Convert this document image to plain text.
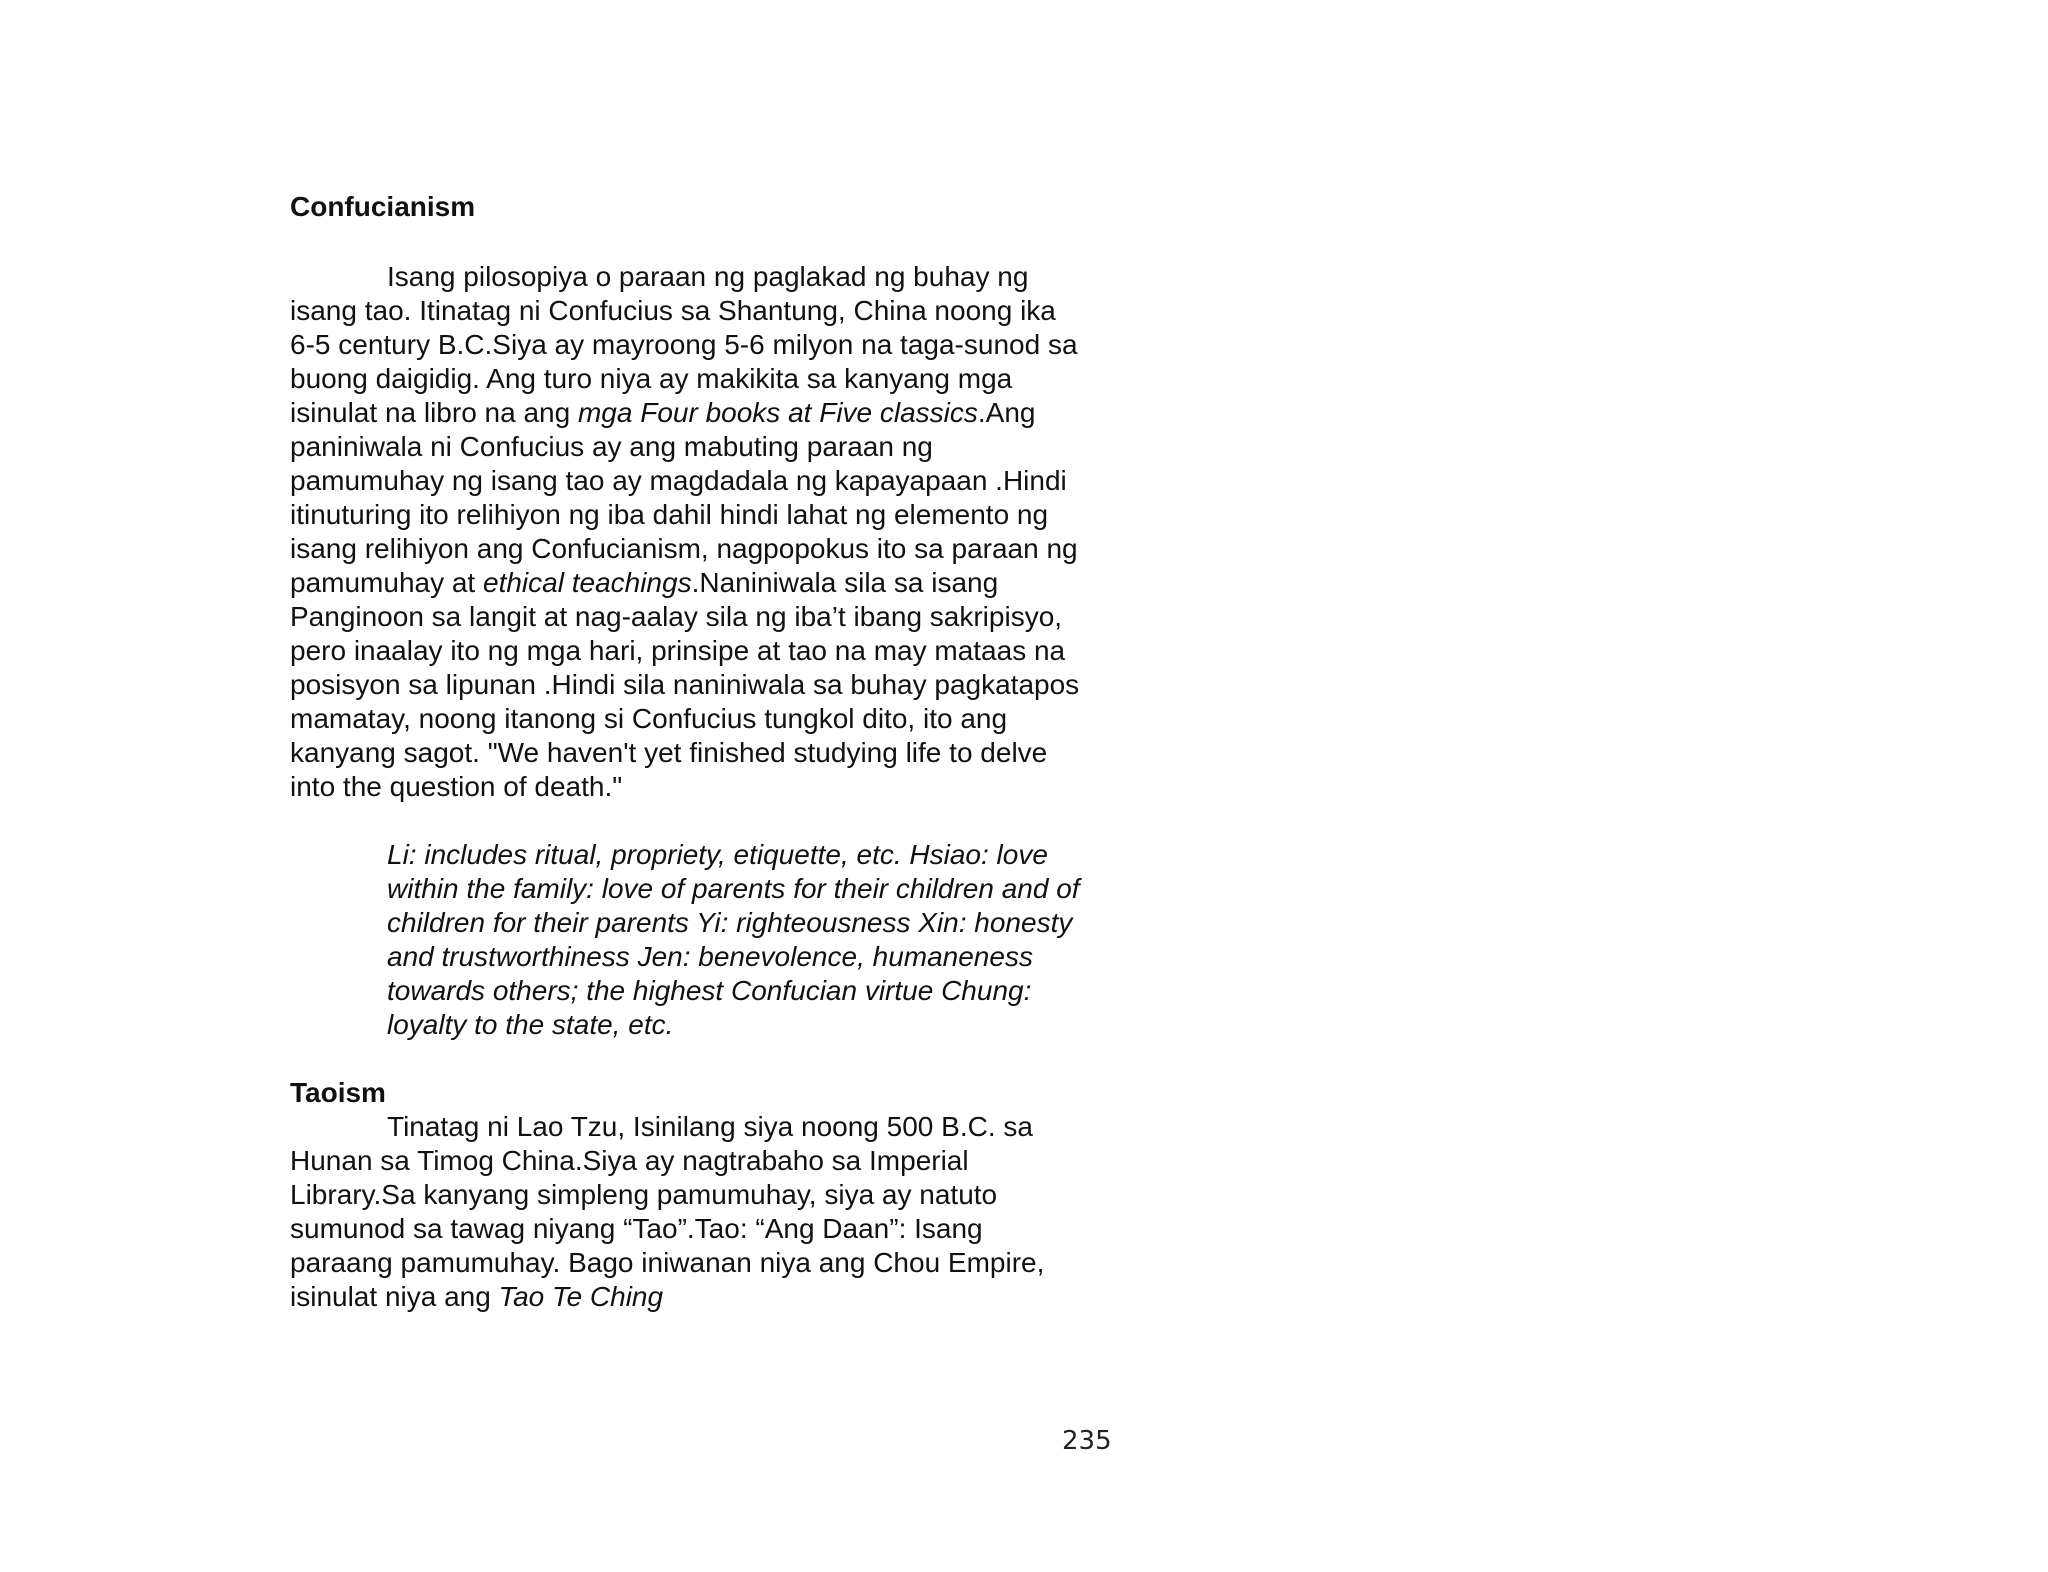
Confucianism

Isang pilosopiya o paraan ng paglakad ng buhay ng isang tao. Itinatag ni Confucius sa Shantung, China noong ika 6-5 century B.C.Siya ay mayroong 5-6 milyon na taga-sunod sa buong daigidig. Ang turo niya ay makikita sa kanyang mga isinulat na libro na ang mga Four books at Five classics.Ang paniniwala ni Confucius ay ang mabuting paraan ng pamumuhay ng isang tao ay magdadala ng kapayapaan .Hindi itinuturing ito relihiyon ng iba dahil hindi lahat ng elemento ng isang relihiyon ang Confucianism, nagpopokus ito sa paraan ng pamumuhay at ethical teachings.Naniniwala sila sa isang Panginoon sa langit at nag-aalay sila ng iba’t ibang sakripisyo, pero inaalay ito ng mga hari, prinsipe at tao na may mataas na posisyon sa lipunan .Hindi sila naniniwala sa buhay pagkatapos mamatay, noong itanong si Confucius tungkol dito, ito ang kanyang sagot. "We haven't yet finished studying life to delve into the question of death."

Li: includes ritual, propriety, etiquette, etc. Hsiao: love within the family: love of parents for their children and of children for their parents Yi: righteousness Xin: honesty and trustworthiness Jen: benevolence, humaneness towards others; the highest Confucian virtue Chung: loyalty to the state, etc.

Taoism

Tinatag ni Lao Tzu, Isinilang siya noong 500 B.C. sa Hunan sa Timog China.Siya ay nagtrabaho sa Imperial Library.Sa kanyang simpleng pamumuhay, siya ay natuto sumunod sa tawag niyang “Tao”.Tao: “Ang Daan”: Isang paraang pamumuhay. Bago iniwanan niya ang Chou Empire, isinulat niya ang Tao Te Ching

235
